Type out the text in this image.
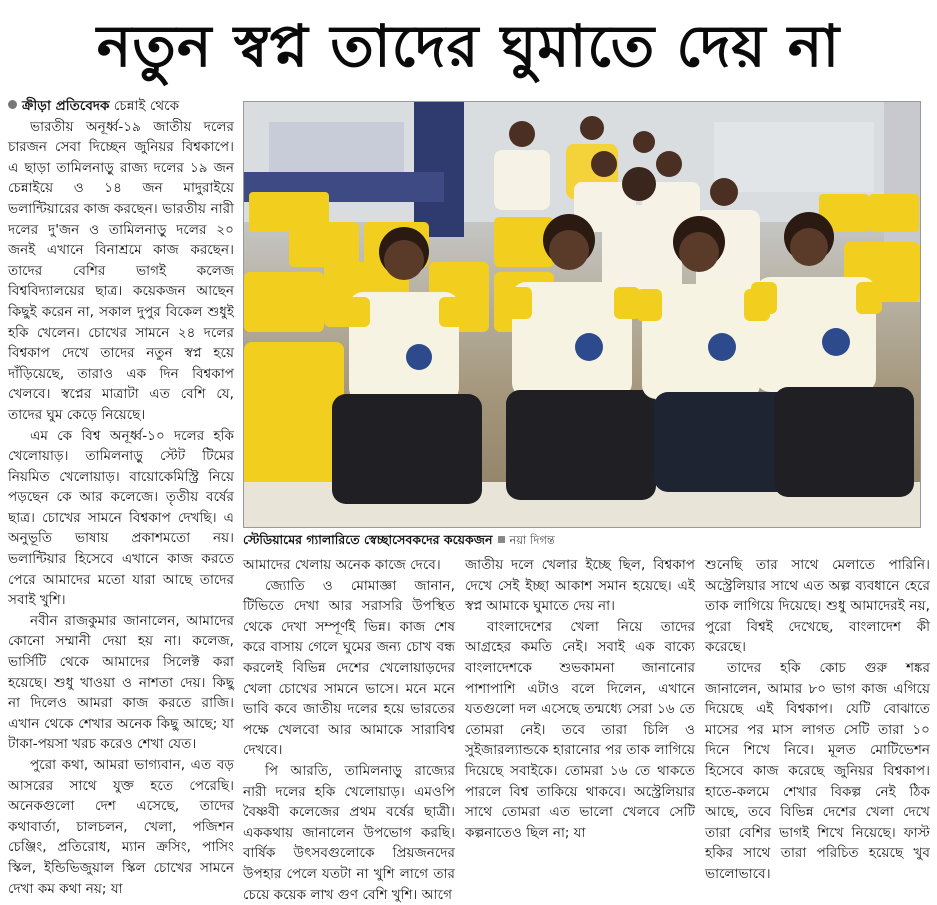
নতুন স্বপ্ন তাদের ঘুমাতে দেয় না

ক্রীড়া প্রতিবেদক চেন্নাই থেকে

ভারতীয় অনূর্ধ্ব-১৯ জাতীয় দলের চারজন সেবা দিচ্ছেন জুনিয়র বিশ্বকাপে। এ ছাড়া তামিলনাড়ু রাজ্য দলের ১৯ জন চেন্নাইয়ে ও ১৪ জন মাদুরাইয়ে ভলান্টিয়ারের কাজ করছেন। ভারতীয় নারী দলের দু'জন ও তামিলনাড়ু দলের ২০ জনই এখানে বিনাশ্রমে কাজ করছেন। তাদের বেশির ভাগই কলেজ বিশ্ববিদ্যালয়ের ছাত্র। কয়েকজন আছেন কিছুই করেন না, সকাল দুপুর বিকেল শুধুই হকি খেলেন। চোখের সামনে ২৪ দলের বিশ্বকাপ দেখে তাদের নতুন স্বপ্ন হয়ে দাঁড়িয়েছে, তারাও এক দিন বিশ্বকাপ খেলবে। স্বপ্নের মাত্রাটা এত বেশি যে, তাদের ঘুম কেড়ে নিয়েছে।

এম কে বিশ্ব অনূর্ধ্ব-১০ দলের হকি খেলোয়াড়। তামিলনাড়ু স্টেট টিমের নিয়মিত খেলোয়াড়। বায়োকেমিস্ট্রি নিয়ে পড়ছেন কে আর কলেজে। তৃতীয় বর্ষের ছাত্র। চোখের সামনে বিশ্বকাপ দেখছি। এ অনুভূতি ভাষায় প্রকাশমতো নয়। ভলান্টিয়ার হিসেবে এখানে কাজ করতে পেরে আমাদের মতো যারা আছে তাদের সবাই খুশি।

নবীন রাজকুমার জানালেন, আমাদের কোনো সম্মানী দেয়া হয় না। কলেজ, ভার্সিটি থেকে আমাদের সিলেক্ট করা হয়েছে। শুধু খাওয়া ও নাশতা দেয়। কিছু না দিলেও আমরা কাজ করতে রাজি। এখান থেকে শেখার অনেক কিছু আছে; যা টাকা-পয়সা খরচ করেও শেখা যেত।

পুরো কথা, আমরা ভাগ্যবান, এত বড় আসরের সাথে যুক্ত হতে পেরেছি। অনেকগুলো দেশ এসেছে, তাদের কথাবার্তা, চালচলন, খেলা, পজিশন চেঞ্জিং, প্রতিরোধ, ম্যান ক্রসিং, পাসিং স্কিল, ইন্ডিভিজুয়াল স্কিল চোখের সামনে দেখা কম কথা নয়; যা

স্টেডিয়ামের গ্যালারিতে স্বেচ্ছাসেবকদের কয়েকজন নয়া দিগন্ত

আমাদের খেলায় অনেক কাজে দেবে।

জ্যোতি ও মোমাজ্ঞা জানান, টিভিতে দেখা আর সরাসরি উপস্থিত থেকে দেখা সম্পূর্ণই ভিন্ন। কাজ শেষ করে বাসায় গেলে ঘুমের জন্য চোখ বন্ধ করলেই বিভিন্ন দেশের খেলোয়াড়দের খেলা চোখের সামনে ভাসে। মনে মনে ভাবি কবে জাতীয় দলের হয়ে ভারতের পক্ষে খেলবো আর আমাকে সারাবিশ্ব দেখবে।

পি আরতি, তামিলনাড়ু রাজ্যের নারী দলের হকি খেলোয়াড়। এমওপি বৈষ্ণবী কলেজের প্রথম বর্ষের ছাত্রী। এককথায় জানালেন উপভোগ করছি। বার্ষিক উৎসবগুলোকে প্রিয়জনদের উপহার পেলে যতটা না খুশি লাগে তার চেয়ে কয়েক লাখ গুণ বেশি খুশি। আগে

জাতীয় দলে খেলার ইচ্ছে ছিল, বিশ্বকাপ দেখে সেই ইচ্ছা আকাশ সমান হয়েছে। এই স্বপ্ন আমাকে ঘুমাতে দেয় না।

বাংলাদেশের খেলা নিয়ে তাদের আগ্রহের কমতি নেই। সবাই এক বাক্যে বাংলাদেশকে শুভকামনা জানানোর পাশাপাশি এটাও বলে দিলেন, এখানে যতগুলো দল এসেছে তন্মধ্যে সেরা ১৬ তে তোমরা নেই। তবে তারা চিলি ও সুইজারল্যান্ডকে হারানোর পর তাক লাগিয়ে দিয়েছে সবাইকে। তোমরা ১৬ তে থাকতে পারলে বিশ্ব তাকিয়ে থাকবে। অস্ট্রেলিয়ার সাথে তোমরা এত ভালো খেলবে সেটি কল্পনাতেও ছিল না; যা

শুনেছি তার সাথে মেলাতে পারিনি। অস্ট্রেলিয়ার সাথে এত অল্প ব্যবধানে হেরে তাক লাগিয়ে দিয়েছে। শুধু আমাদেরই নয়, পুরো বিশ্বই দেখেছে, বাংলাদেশ কী করেছে।

তাদের হকি কোচ গুরু শঙ্কর জানালেন, আমার ৮০ ভাগ কাজ এগিয়ে দিয়েছে এই বিশ্বকাপ। যেটি বোঝাতে মাসের পর মাস লাগত সেটি তারা ১০ দিনে শিখে নিবে। মূলত মোটিভেশন হিসেবে কাজ করেছে জুনিয়র বিশ্বকাপ। হাতে-কলমে শেখার বিকল্প নেই ঠিক আছে, তবে বিভিন্ন দেশের খেলা দেখে তারা বেশির ভাগই শিখে নিয়েছে। ফাস্ট হকির সাথে তারা পরিচিত হয়েছে খুব ভালোভাবে।
